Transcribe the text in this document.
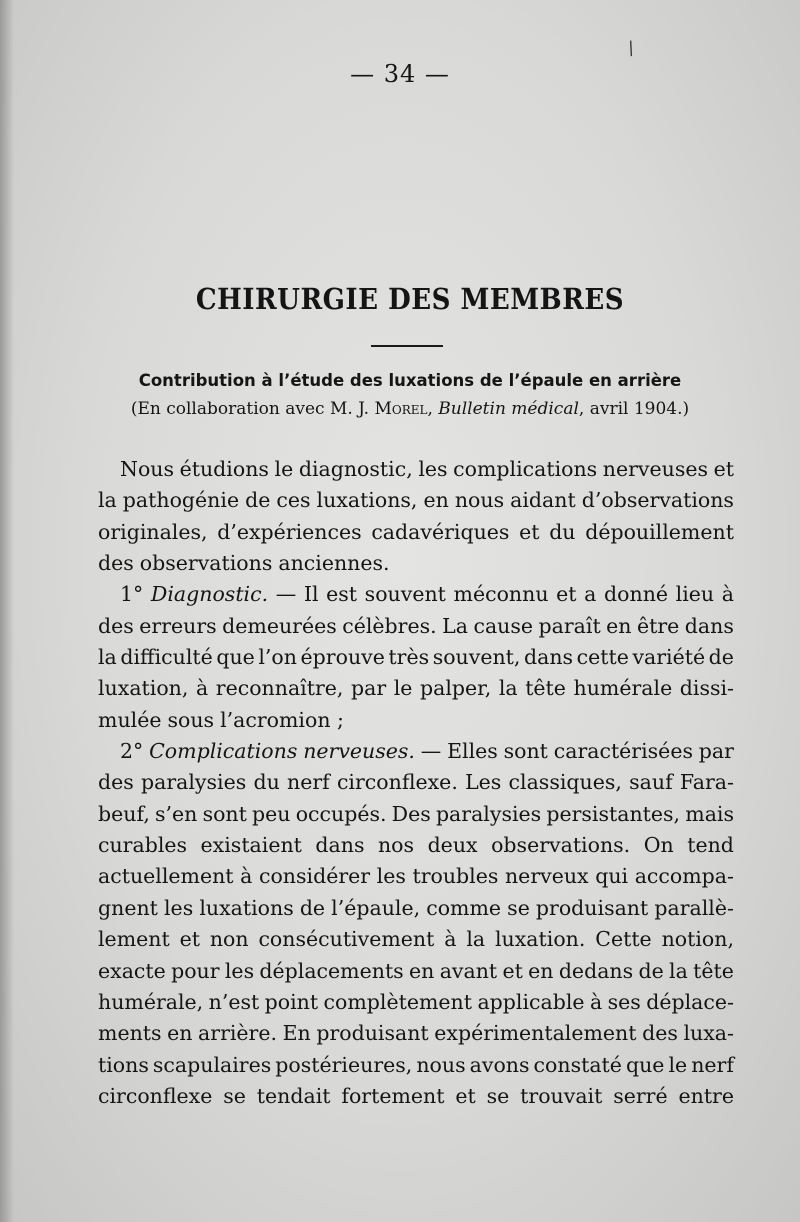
∕
— 34 —
CHIRURGIE DES MEMBRES
Contribution à l’étude des luxations de l’épaule en arrière
(En collaboration avec M. J. Morel, Bulletin médical, avril 1904.)
Nous étudions le diagnostic, les complications nerveuses et
la pathogénie de ces luxations, en nous aidant d’observations
originales, d’expériences cadavériques et du dépouillement
des observations anciennes.
1° Diagnostic. — Il est souvent méconnu et a donné lieu à
des erreurs demeurées célèbres. La cause paraît en être dans
la difficulté que l’on éprouve très souvent, dans cette variété de
luxation, à reconnaître, par le palper, la tête humérale dissi-
mulée sous l’acromion ;
2° Complications nerveuses. — Elles sont caractérisées par
des paralysies du nerf circonflexe. Les classiques, sauf Fara-
beuf, s’en sont peu occupés. Des paralysies persistantes, mais
curables existaient dans nos deux observations. On tend
actuellement à considérer les troubles nerveux qui accompa-
gnent les luxations de l’épaule, comme se produisant parallè-
lement et non consécutivement à la luxation. Cette notion,
exacte pour les déplacements en avant et en dedans de la tête
humérale, n’est point complètement applicable à ses déplace-
ments en arrière. En produisant expérimentalement des luxa-
tions scapulaires postérieures, nous avons constaté que le nerf
circonflexe se tendait fortement et se trouvait serré entre
